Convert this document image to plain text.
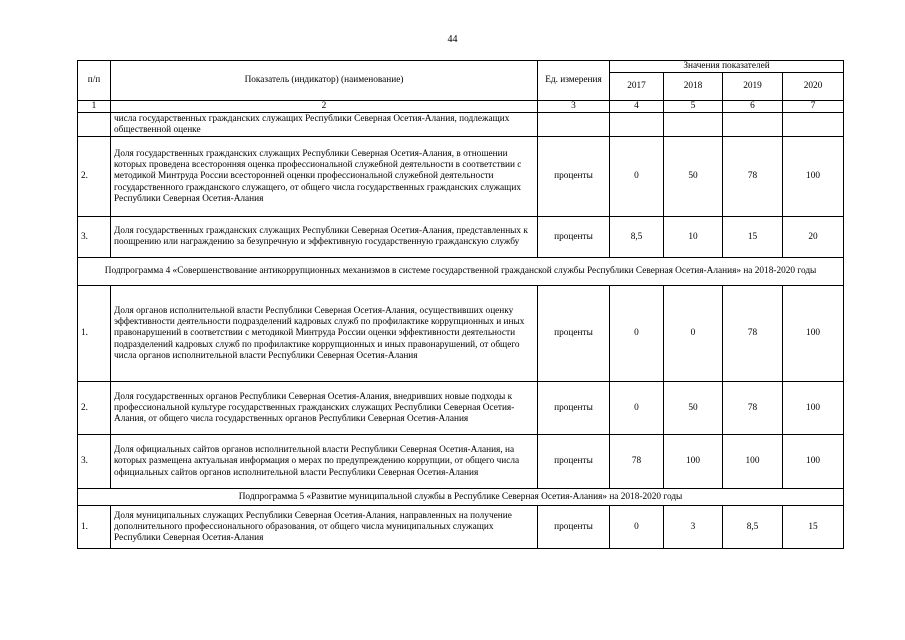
44
п/п	Показатель (индикатор) (наименование)	Ед. измерения	Значения показателей			
			2017	2018	2019	2020
1	2	3	4	5	6	7
	числа государственных гражданских служащих Республики Северная Осетия-Алания, подлежащих общественной оценке					
2.	Доля государственных гражданских служащих Республики Северная Осетия-Алания, в отношении которых проведена всесторонняя оценка профессиональной служебной деятельности в соответствии с методикой Минтруда России всесторонней оценки профессиональной служебной деятельности государственного гражданского служащего, от общего числа государственных гражданских служащих Республики Северная Осетия-Алания	проценты	0	50	78	100
3.	Доля государственных гражданских служащих Республики Северная Осетия-Алания, представленных к поощрению или награждению за безупречную и эффективную государственную гражданскую службу	проценты	8,5	10	15	20
Подпрограмма 4 «Совершенствование антикоррупционных механизмов в системе государственной гражданской службы Республики Северная Осетия-Алания» на 2018-2020 годы						
1.	Доля органов исполнительной власти Республики Северная Осетия-Алания, осуществивших оценку эффективности деятельности подразделений кадровых служб по профилактике коррупционных и иных правонарушений в соответствии с методикой Минтруда России оценки эффективности деятельности подразделений кадровых служб по профилактике коррупционных и иных правонарушений, от общего числа органов исполнительной власти Республики Северная Осетия-Алания	проценты	0	0	78	100
2.	Доля государственных органов Республики Северная Осетия-Алания, внедривших новые подходы к профессиональной культуре государственных гражданских служащих Республики Северная Осетия-Алания, от общего числа государственных органов Республики Северная Осетия-Алания	проценты	0	50	78	100
3.	Доля официальных сайтов органов исполнительной власти Республики Северная Осетия-Алания, на которых размещена актуальная информация о мерах по предупреждению коррупции, от общего числа официальных сайтов органов исполнительной власти Республики Северная Осетия-Алания	проценты	78	100	100	100
Подпрограмма 5 «Развитие муниципальной службы в Республике Северная Осетия-Алания» на 2018-2020 годы						
1.	Доля муниципальных служащих Республики Северная Осетия-Алания, направленных на получение дополнительного профессионального образования, от общего числа муниципальных служащих Республики Северная Осетия-Алания	проценты	0	3	8,5	15
